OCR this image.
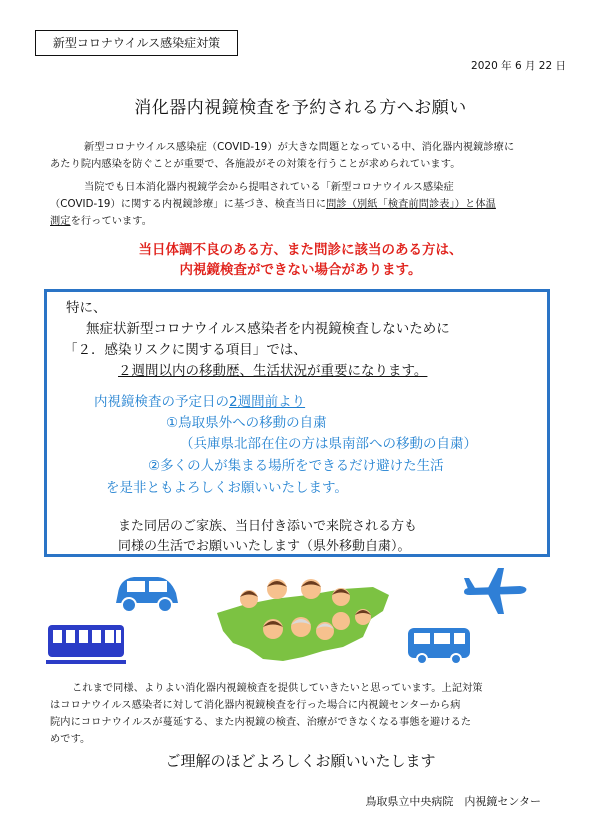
新型コロナウイルス感染症対策
2020 年 6 月 22 日
消化器内視鏡検査を予約される方へお願い
新型コロナウイルス感染症（COVID-19）が大きな問題となっている中、消化器内視鏡診療に
あたり院内感染を防ぐことが重要で、各施設がその対策を行うことが求められています。
当院でも日本消化器内視鏡学会から提唱されている「新型コロナウイルス感染症
（COVID-19）に関する内視鏡診療」に基づき、検査当日に問診（別紙「検査前問診表」）と体温
測定を行っています。
当日体調不良のある方、また問診に該当のある方は、
内視鏡検査ができない場合があります。
特に、
無症状新型コロナウイルス感染者を内視鏡検査しないために
「２．感染リスクに関する項目」では、
２週間以内の移動歴、生活状況が重要になります。
内視鏡検査の予定日の2週間前より
①鳥取県外への移動の自粛
（兵庫県北部在住の方は県南部への移動の自粛）
②多くの人が集まる場所をできるだけ避けた生活
を是非ともよろしくお願いいたします。
また同居のご家族、当日付き添いで来院される方も
同様の生活でお願いいたします（県外移動自粛）。
これまで同様、よりよい消化器内視鏡検査を提供していきたいと思っています。上記対策
はコロナウイルス感染者に対して消化器内視鏡検査を行った場合に内視鏡センターから病
院内にコロナウイルスが蔓延する、また内視鏡の検査、治療ができなくなる事態を避けるた
めです。
ご理解のほどよろしくお願いいたします
鳥取県立中央病院　内視鏡センター
